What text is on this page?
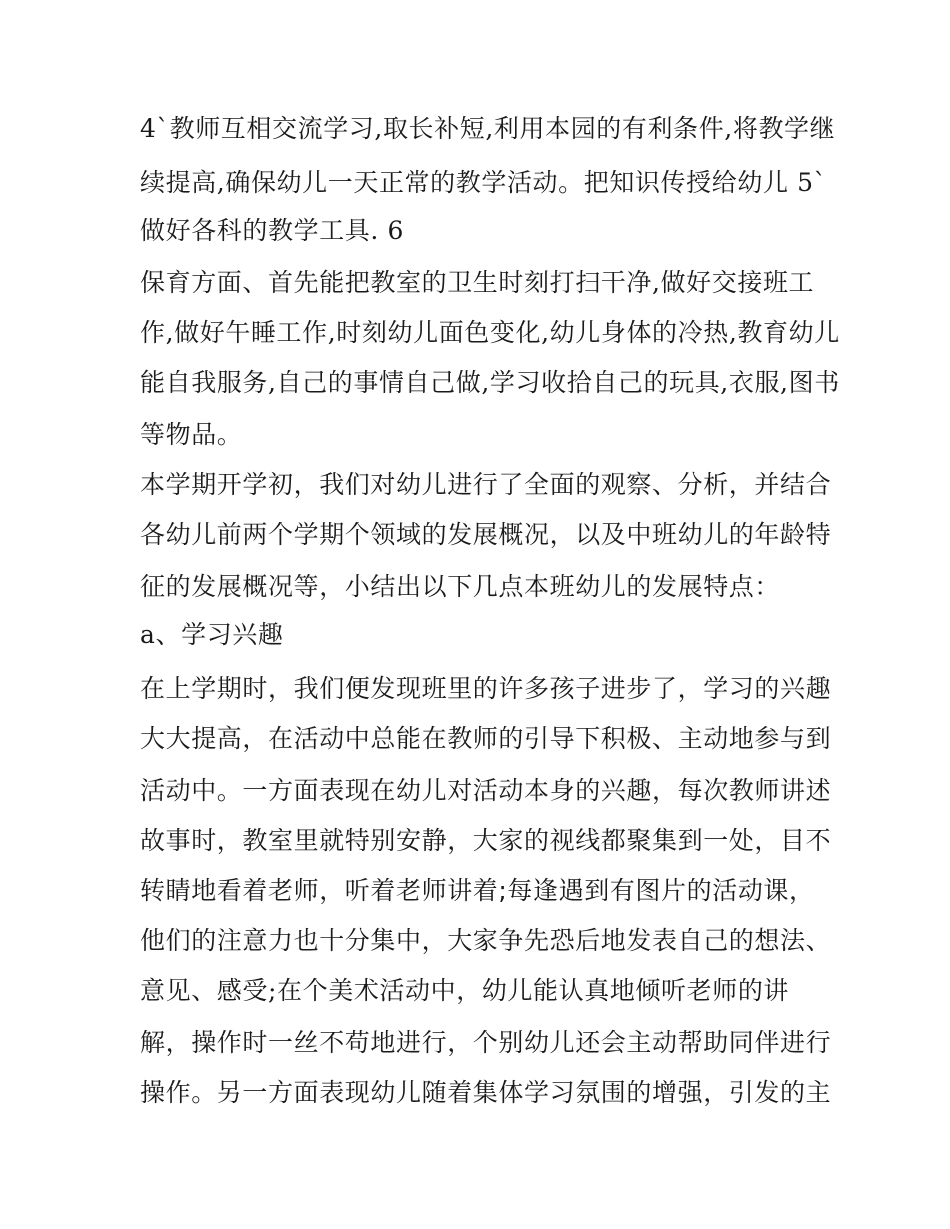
4`教师互相交流学习,取长补短,利用本园的有利条件,将教学继
续提高,确保幼儿一天正常的教学活动。把知识传授给幼儿 5`
做好各科的教学工具. 6
保育方面、首先能把教室的卫生时刻打扫干净,做好交接班工
作,做好午睡工作,时刻幼儿面色变化,幼儿身体的冷热,教育幼儿
能自我服务,自己的事情自己做,学习收拾自己的玩具,衣服,图书
等物品。
本学期开学初，我们对幼儿进行了全面的观察、分析，并结合
各幼儿前两个学期个领域的发展概况，以及中班幼儿的年龄特
征的发展概况等，小结出以下几点本班幼儿的发展特点：
a、学习兴趣
在上学期时，我们便发现班里的许多孩子进步了，学习的兴趣
大大提高，在活动中总能在教师的引导下积极、主动地参与到
活动中。一方面表现在幼儿对活动本身的兴趣，每次教师讲述
故事时，教室里就特别安静，大家的视线都聚集到一处，目不
转睛地看着老师，听着老师讲着;每逢遇到有图片的活动课，
他们的注意力也十分集中，大家争先恐后地发表自己的想法、
意见、感受;在个美术活动中，幼儿能认真地倾听老师的讲
解，操作时一丝不苟地进行，个别幼儿还会主动帮助同伴进行
操作。另一方面表现幼儿随着集体学习氛围的增强，引发的主
